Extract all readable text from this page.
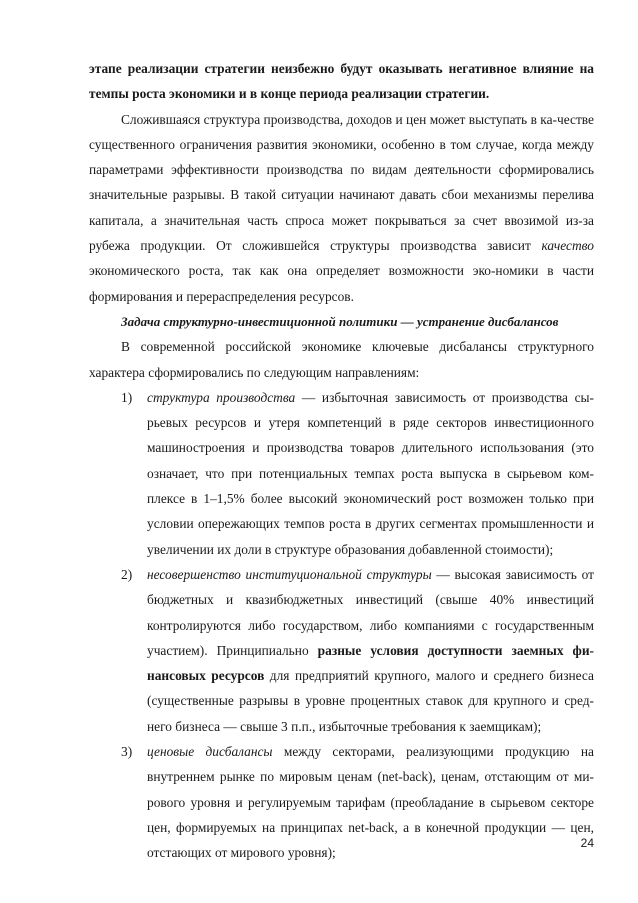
этапе реализации стратегии неизбежно будут оказывать негативное влияние на темпы роста экономики и в конце периода реализации стратегии.

Сложившаяся структура производства, доходов и цен может выступать в ка-честве существенного ограничения развития экономики, особенно в том случае, когда между параметрами эффективности производства по видам деятельности сформировались значительные разрывы. В такой ситуации начинают давать сбои механизмы перелива капитала, а значительная часть спроса может покрываться за счет ввозимой из-за рубежа продукции. От сложившейся структуры производства зависит качество экономического роста, так как она определяет возможности эко-номики в части формирования и перераспределения ресурсов.

Задача структурно-инвестиционной политики — устранение дисбалансов

В современной российской экономике ключевые дисбалансы структурного характера сформировались по следующим направлениям:

1)	структура производства — избыточная зависимость от производства сы-рьевых ресурсов и утеря компетенций в ряде секторов инвестиционного машиностроения и производства товаров длительного использования (это означает, что при потенциальных темпах роста выпуска в сырьевом ком-плексе в 1–1,5% более высокий экономический рост возможен только при условии опережающих темпов роста в других сегментах промышленности и увеличении их доли в структуре образования добавленной стоимости);
2)	несовершенство институциональной структуры — высокая зависимость от бюджетных и квазибюджетных инвестиций (свыше 40% инвестиций контролируются либо государством, либо компаниями с государственным участием). Принципиально разные условия доступности заемных фи-нансовых ресурсов для предприятий крупного, малого и среднего бизнеса (существенные разрывы в уровне процентных ставок для крупного и сред-него бизнеса — свыше 3 п.п., избыточные требования к заемщикам);
3)	ценовые дисбалансы между секторами, реализующими продукцию на внутреннем рынке по мировым ценам (net-back), ценам, отстающим от ми-рового уровня и регулируемым тарифам (преобладание в сырьевом секторе цен, формируемых на принципах net-back, а в конечной продукции — цен, отстающих от мирового уровня);
24
